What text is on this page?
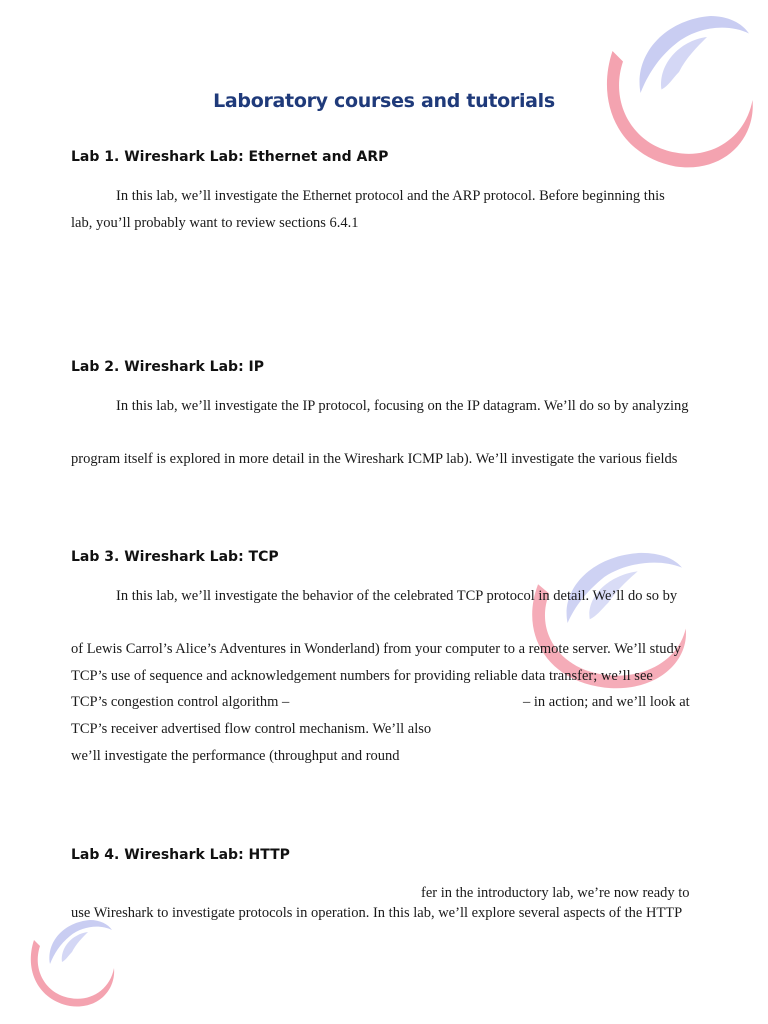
Laboratory courses and tutorials
Lab 1. Wireshark Lab: Ethernet and ARP
In this lab, we’ll investigate the Ethernet protocol and the ARP protocol. Before beginning this
lab, you’ll probably want to review sections 6.4.1
Lab 2. Wireshark Lab: IP
In this lab, we’ll investigate the IP protocol, focusing on the IP datagram. We’ll do so by analyzing
program itself is explored in more detail in the Wireshark ICMP lab). We’ll investigate the various fields
Lab 3. Wireshark Lab: TCP
In this lab, we’ll investigate the behavior of the celebrated TCP protocol in detail. We’ll do so by
of Lewis Carrol’s Alice’s Adventures in Wonderland) from your computer to a remote server. We’ll study
TCP’s use of sequence and acknowledgement numbers for providing reliable data transfer; we’ll see
TCP’s congestion control algorithm –	– in action; and we’ll look at
TCP’s receiver advertised flow control mechanism. We’ll also
we’ll investigate the performance (throughput and round
Lab 4. Wireshark Lab: HTTP
fer in the introductory lab, we’re now ready to
use Wireshark to investigate protocols in operation. In this lab, we’ll explore several aspects of the HTTP
